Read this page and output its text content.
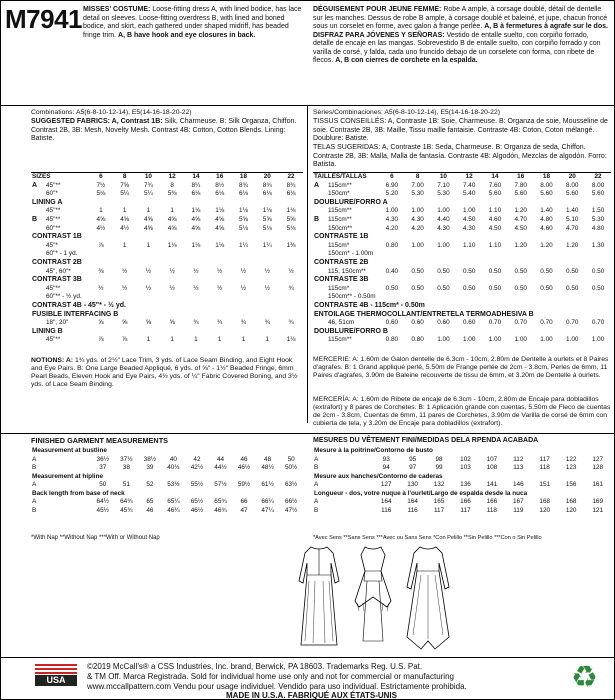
M7941 MISSES' COSTUME: Loose-fitting dress A, with lined bodice, has lace detail on sleeves. Loose-fitting overdress B, with lined and boned bodice, and skirt, each gathered under shaped midriff, has beaded fringe trim. A, B have hook and eye closures in back.
DÉGUISEMENT POUR JEUNE FEMME: Robe A ample, à corsage doublé, détail de dentelle sur les manches. Dessus de robe B ample, à corsage doublé et baleiné, et jupe, chacun froncé sous un corselet en forme, avec galon à frange perlée. A, B à fermetures à agrafe sur le dos. DISFRAZ PARA JÓVENES Y SEÑORAS: Vestido de entalle suelto, con corpiño forrado, detalle de encaje en las mangas. Sobrevestido B de entalle suelto, con corpiño forrado y con varilla de corsé, y falda, cada uno fruncido debajo de un corselete con forma, con ribete de flecos. A, B con cierres de corchete en la espalda.
Combinations: A5(6-8-10-12-14), E5(14-16-18-20-22)
SUGGESTED FABRICS: A, Contrast 1B: Silk, Charmeuse. B: Silk Organza, Chiffon. Contrast 2B, 3B: Mesh, Novelty Mesh. Contrast 4B: Cotton, Cotton Blends. Lining: Batiste.
Séries/Combinaciones: A5(6-8-10-12-14), E5(14-16-18-20-22)
TISSUS CONSEILLÉS: A, Contraste 1B: Soie, Charmeuse. B: Organza de soie, Mousseline de soie. Contraste 2B, 3B: Maille, Tissu maille fantaisie. Contraste 4B: Coton, Coton mélangé. Doublure: Batiste.
TELAS SUGERIDAS: A, Contraste 1B: Seda, Charmeuse. B: Organza de seda, Chiffon. Contraste 2B, 3B: Malla, Malla de fantasía. Contraste 4B: Algodón, Mezclas de algodón. Forro: Batista.
SIZES		6	8	10	12	14	16	18	20	22
A	45"**	7½	7⅝	7¾	8	8¼	8½	8¾	8¾	8¾
	60"*	5⅛	5¼	5¼	5⅜	6⅛	6⅛	6⅛	6⅛	6⅛
LINING A										
	45"**	1	1	1	1	1⅛	1⅛	1⅛	1⅛	1⅛
B	45"**	4⅝	4⅝	4⅝	4⅝	4⅝	4⅝	5⅝	5⅝	5⅝
	60"**	4½	4½	4⅝	4⅝	4⅝	4⅝	5⅛	5⅛	5⅛
CONTRAST 1B										
	45"*	⅞	1	1	1⅛	1⅛	1⅛	1¼	1¼	1⅜
	60"* - 1 yd.									
CONTRAST 2B										
	45", 60"*	⅜	½	½	½	½	½	½	½	½
CONTRAST 3B										
	45"**	½	½	½	½	½	½	½	½	¾
	60"** - ½ yd.									
CONTRAST 4B - 45"* - ½ yd.										
FUSIBLE INTERFACING B										
	18", 20"	⅝	⅝	⅝	⅝	¾	¾	¾	¾	¾
LINING B										
	45"**	⅞	⅞	1	1	1	1	1	1	1⅛
TAILLES/TALLAS		6	8	10	12	14	16	18	20	22
A	115cm**	6.90	7.00	7.10	7.40	7.60	7.80	8.00	8.00	8.00
	150cm*	5.20	5.30	5.30	5.40	5.60	5.60	5.60	5.60	5.60
DOUBLURE/FORRO A										
	115cm**	1.00	1.00	1.00	1.00	1.10	1.20	1.40	1.40	1.50
B	115cm**	4.30	4.30	4.40	4.50	4.60	4.70	4.80	5.10	5.30
	150cm**	4.20	4.20	4.30	4.30	4.50	4.50	4.60	4.70	4.80
CONTRASTE 1B										
	115cm*	0.80	1.00	1.00	1.10	1.10	1.20	1.20	1.20	1.30
	150cm* - 1.00m									
CONTRASTE 2B										
	115, 150cm**	0.40	0.50	0.50	0.50	0.50	0.50	0.50	0.50	0.50
CONTRASTE 3B										
	115cm*	0.50	0.50	0.50	0.50	0.50	0.50	0.50	0.50	0.50
	150cm** - 0.50m									
CONTRASTE 4B - 115cm* - 0.50m										
ENTOILAGE THERMOCOLLANT/ENTRETELA TERMOADHESIVA B										
	46, 51cm	0.60	0.60	0.60	0.60	0.70	0.70	0.70	0.70	0.70
DOUBLURE/FORRO B										
	115cm**	0.80	0.80	1.00	1.00	1.00	1.00	1.00	1.00	1.00
NOTIONS: A: 1¾ yds. of 2½" Lace Trim, 3 yds. of Lace Seam Binding, and Eight Hook and Eye Pairs. B: One Large Beaded Appliqué, 6 yds. of ⅝" - 1½" Beaded Fringe, 6mm Pearl Beads, Eleven Hook and Eye Pairs, 4½ yds. of ¼" Fabric Covered Boning, and 3½ yds. of Lace Seam Binding.
MERCERIE: A: 1.60m de Galon dentelle de 6.3cm - 10cm, 2.80m de Dentelle à ourlets et 8 Paires d'agrafes. B: 1 Grand appliqué perlé, 5.50m de Frange perlée de 2cm - 3.8cm, Perles de 6mm, 11 Paires d'agrafes, 3.90m de Baleine recouverte de tissu de 6mm, et 3.20m de Dentelle à ourlets.
MERCERÍA: A: 1.60m de Ribete de encaje de 6.3cm - 10cm, 2.80m de Encaje para dobladillos (extrafort) y 8 pares de Corchetes. B: 1 Aplicación grande con cuentas, 5.50m de Fleco de cuentas de 2cm - 3.8cm, Cuentas de 6mm, 11 pares de Corchetes, 3.90m de Varilla de corsé de 6mm con cubierta de tela, y 3.20m de Encaje para dobladillos (extrafort).
FINISHED GARMENT MEASUREMENTS
Measurement at bustline									
A	36½	37½	38½	40	42	44	46	48	50
B	37	38	39	40½	42½	44½	46½	48½	50½
Measurement at hipline									
A	50	51	52	53½	55½	57½	59½	61½	63½
Back length from base of neck									
A	64½	64¾	65	65¼	65½	65¾	66	66¼	66½
B	45½	45¾	46	46¼	46½	46¾	47	47¼	47½
*With Nap **Without Nap ***With or Without Nap
MESURES DU VÊTEMENT FINI/MEDIDAS DELA RPENDA ACABADA
Mesure à la poitrine/Contorno de busto									
A	93	95	98	102	107	112	117	122	127
B	94	97	99	103	108	113	118	123	128
Mesure aux hanches/Contorno de caderas									
A	127	130	132	136	141	146	151	156	161
Longueur - dos, votre nuque à l'ourlet/Largo de espalda desde la nuca									
A	164	164	165	166	166	167	168	168	169
B	116	116	117	117	118	119	120	120	121
*Avec Sens **Sans Sens ***Avec ou Sans Sens *Con Pelillo **Sin Pelillo ***Con o Sin Pelillo
USA
©2019 McCall's® a CSS Industries, Inc. brand, Berwick, PA 18603. Trademarks Reg. U.S. Pat.
& TM Off. Marca Registrada. Sold for individual home use only and not for commercial or manufacturing
www.mccallpattern.com Vendu pour usage individuel. Vendido para uso individual. Estrictamente prohibida.
MADE IN U.S.A. FABRIQUÉ AUX ÉTATS-UNIS
♻
